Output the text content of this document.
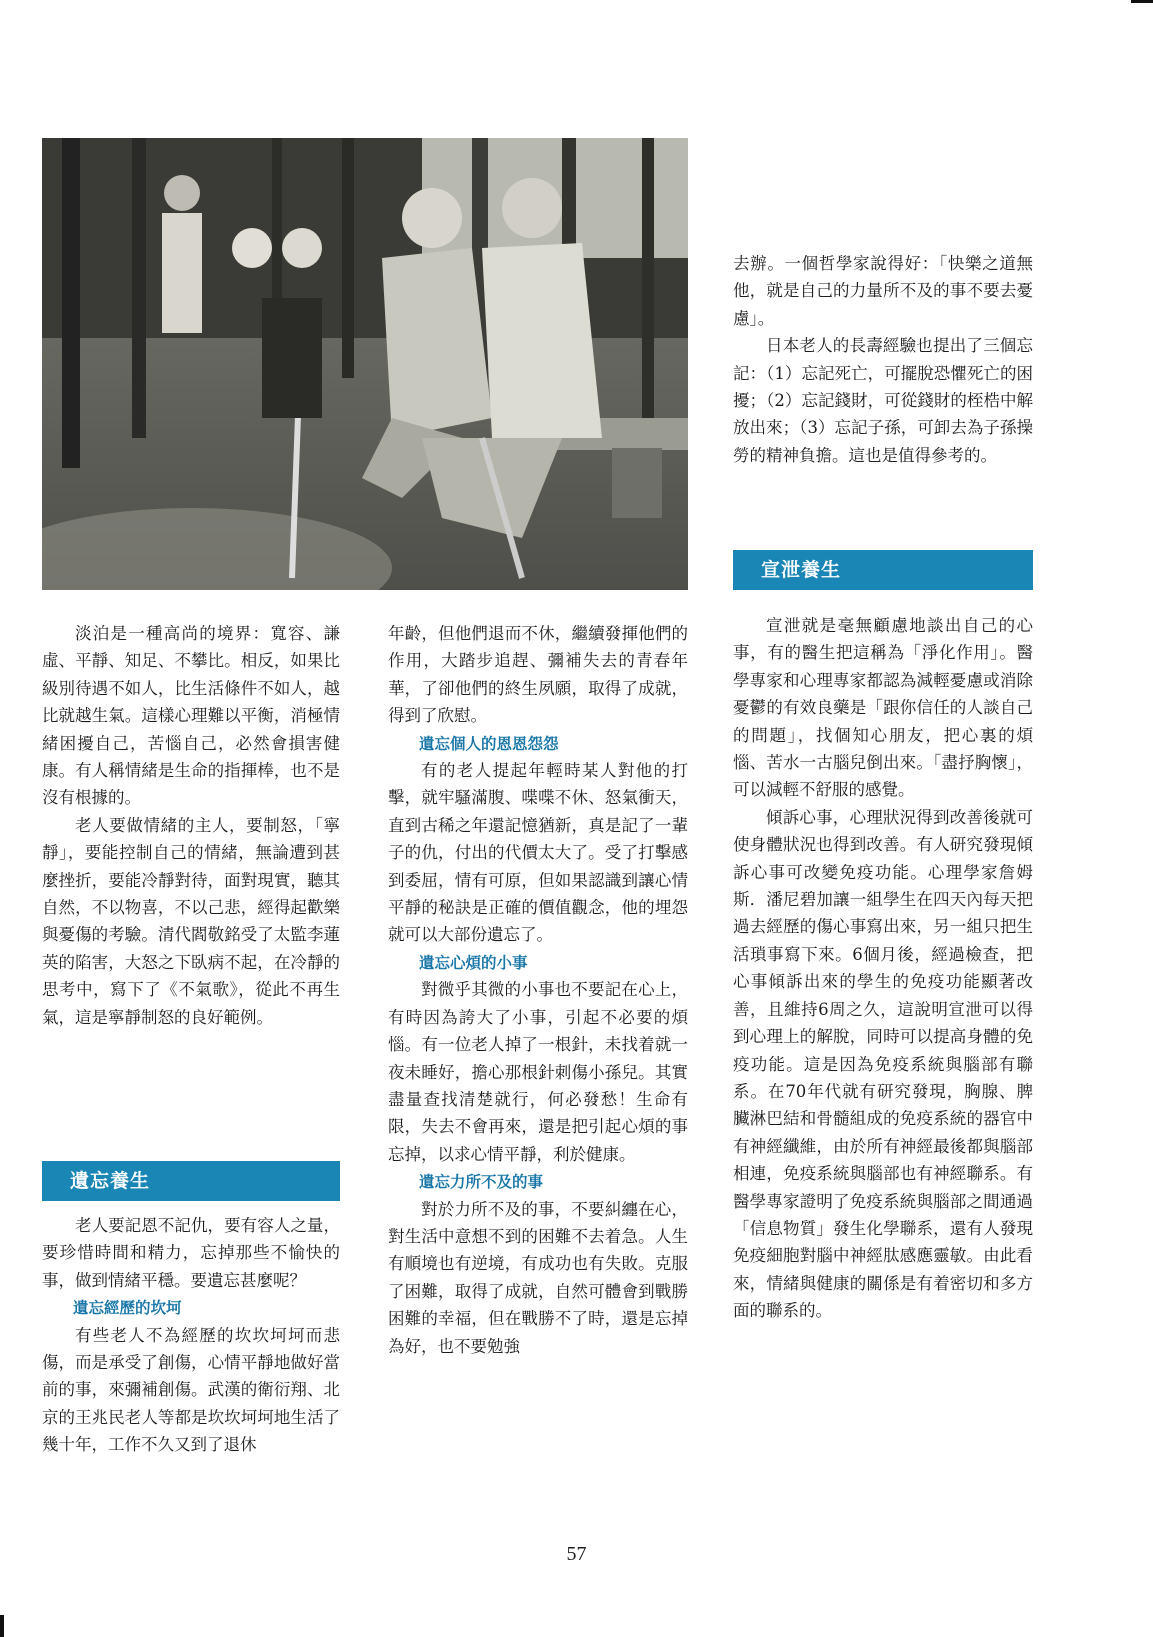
淡泊是一種高尚的境界：寬容、謙虛、平靜、知足、不攀比。相反，如果比級別待遇不如人，比生活條件不如人，越比就越生氣。這樣心理難以平衡，消極情緒困擾自己，苦惱自己，必然會損害健康。有人稱情緒是生命的指揮棒，也不是沒有根據的。

老人要做情緒的主人，要制怒，「寧靜」，要能控制自己的情緒，無論遭到甚麼挫折，要能冷靜對待，面對現實，聽其自然，不以物喜，不以己悲，經得起歡樂與憂傷的考驗。清代閻敬銘受了太監李蓮英的陷害，大怒之下臥病不起，在冷靜的思考中，寫下了《不氣歌》，從此不再生氣，這是寧靜制怒的良好範例。

遺忘養生

老人要記恩不記仇，要有容人之量，要珍惜時間和精力，忘掉那些不愉快的事，做到情緒平穩。要遺忘甚麼呢？

遺忘經歷的坎坷

有些老人不為經歷的坎坎坷坷而悲傷，而是承受了創傷，心情平靜地做好當前的事，來彌補創傷。武漢的衛衍翔、北京的王兆民老人等都是坎坎坷坷地生活了幾十年，工作不久又到了退休

年齡，但他們退而不休，繼續發揮他們的作用，大踏步追趕、彌補失去的青春年華，了卻他們的終生夙願，取得了成就，得到了欣慰。

遺忘個人的恩恩怨怨

有的老人提起年輕時某人對他的打擊，就牢騷滿腹、喋喋不休、怒氣衝天，直到古稀之年還記憶猶新，真是記了一輩子的仇，付出的代價太大了。受了打擊感到委屈，情有可原，但如果認識到讓心情平靜的秘訣是正確的價值觀念，他的埋怨就可以大部份遺忘了。

遺忘心煩的小事

對微乎其微的小事也不要記在心上，有時因為誇大了小事，引起不必要的煩惱。有一位老人掉了一根針，未找着就一夜未睡好，擔心那根針刺傷小孫兒。其實盡量查找清楚就行，何必發愁！生命有限，失去不會再來，還是把引起心煩的事忘掉，以求心情平靜，利於健康。

遺忘力所不及的事

對於力所不及的事，不要糾纏在心，對生活中意想不到的困難不去着急。人生有順境也有逆境，有成功也有失敗。克服了困難，取得了成就，自然可體會到戰勝困難的幸福，但在戰勝不了時，還是忘掉為好，也不要勉強

去辦。一個哲學家說得好：「快樂之道無他，就是自己的力量所不及的事不要去憂慮」。

日本老人的長壽經驗也提出了三個忘記：（1）忘記死亡，可擺脫恐懼死亡的困擾；（2）忘記錢財，可從錢財的桎梏中解放出來；（3）忘記子孫，可卸去為子孫操勞的精神負擔。這也是值得參考的。

宣泄養生

宣泄就是毫無顧慮地談出自己的心事，有的醫生把這稱為「淨化作用」。醫學專家和心理專家都認為減輕憂慮或消除憂鬱的有效良藥是「跟你信任的人談自己的問題」，找個知心朋友，把心裏的煩惱、苦水一古腦兒倒出來。「盡抒胸懷」，可以減輕不舒服的感覺。

傾訴心事，心理狀況得到改善後就可使身體狀況也得到改善。有人研究發現傾訴心事可改變免疫功能。心理學家詹姆斯．潘尼碧加讓一組學生在四天內每天把過去經歷的傷心事寫出來，另一組只把生活瑣事寫下來。6個月後，經過檢查，把心事傾訴出來的學生的免疫功能顯著改善，且維持6周之久，這說明宣泄可以得到心理上的解脫，同時可以提高身體的免疫功能。這是因為免疫系統與腦部有聯系。在70年代就有研究發現，胸腺、脾臟淋巴結和骨髓組成的免疫系統的器官中有神經纖維，由於所有神經最後都與腦部相連，免疫系統與腦部也有神經聯系。有醫學專家證明了免疫系統與腦部之間通過「信息物質」發生化學聯系，還有人發現免疫細胞對腦中神經肽感應靈敏。由此看來，情緒與健康的關係是有着密切和多方面的聯系的。

57
